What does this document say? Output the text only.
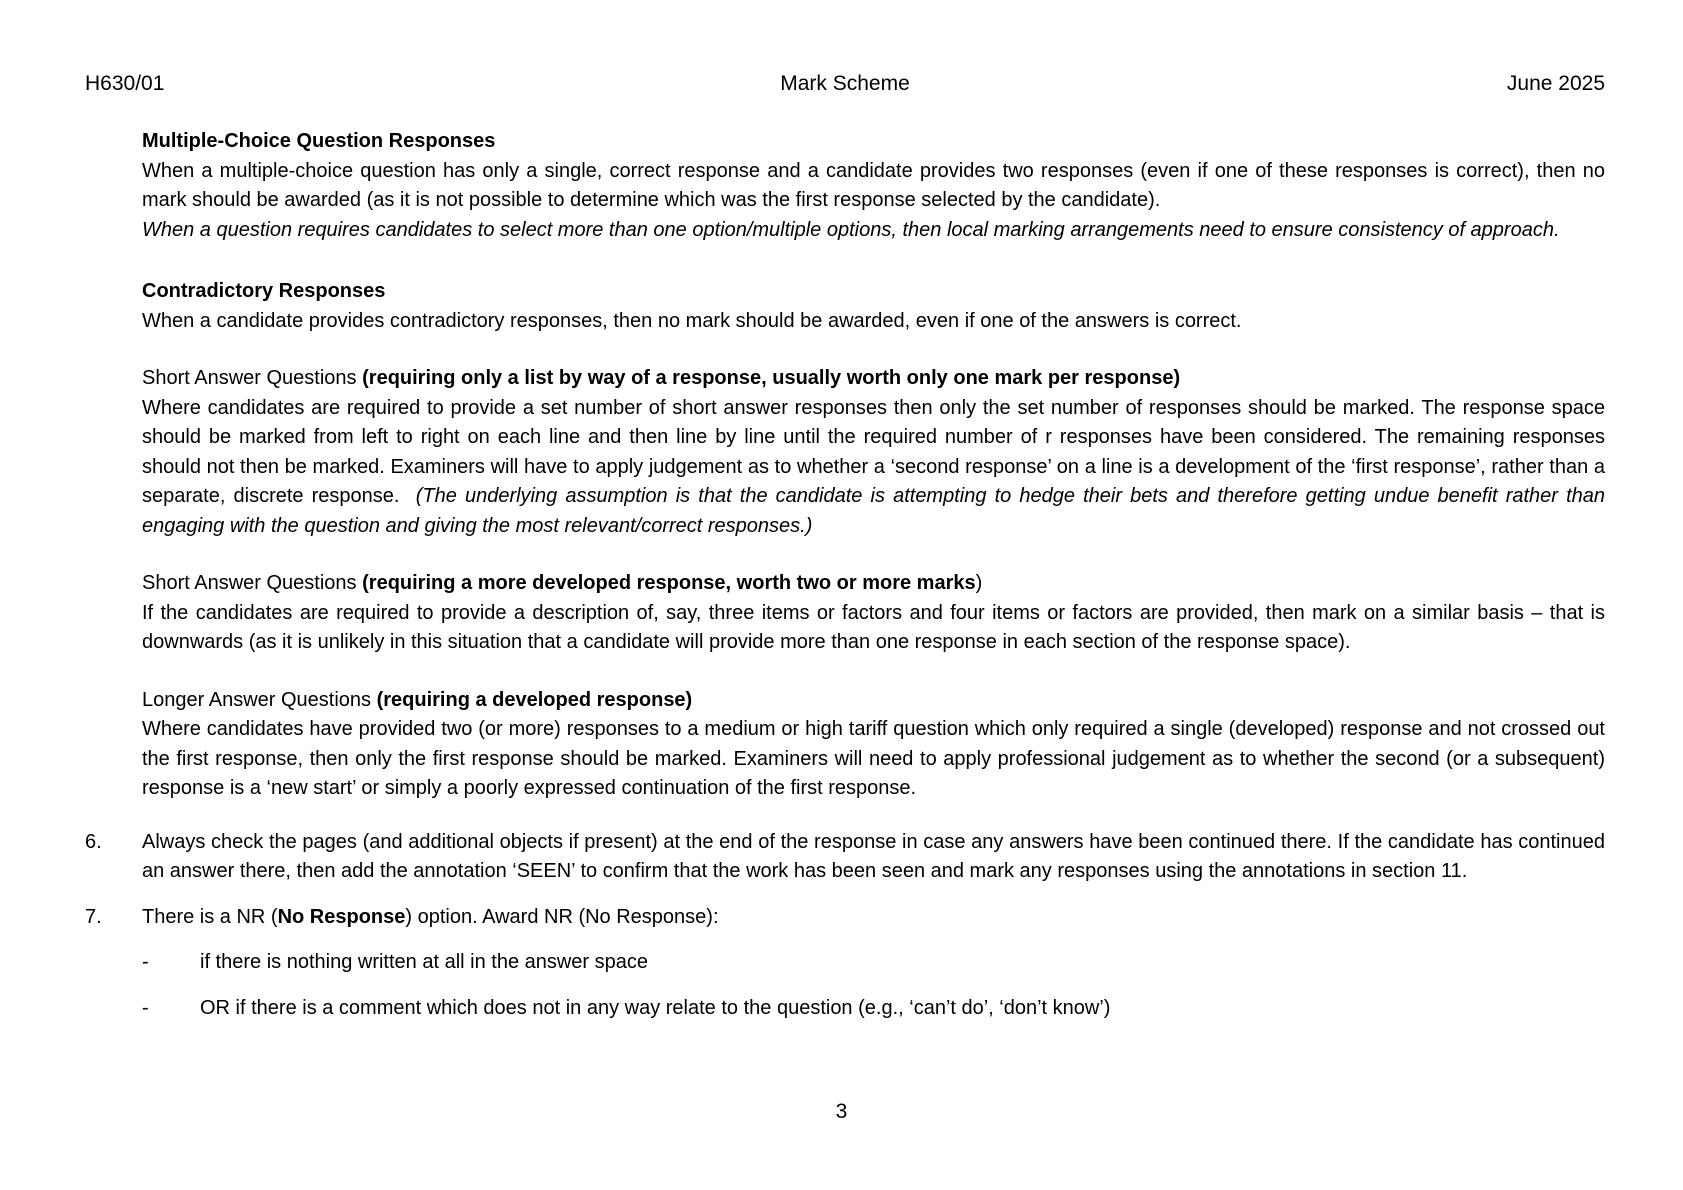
H630/01	Mark Scheme	June 2025

Multiple-Choice Question Responses

When a multiple-choice question has only a single, correct response and a candidate provides two responses (even if one of these responses is correct), then no mark should be awarded (as it is not possible to determine which was the first response selected by the candidate).

When a question requires candidates to select more than one option/multiple options, then local marking arrangements need to ensure consistency of approach.

Contradictory Responses

When a candidate provides contradictory responses, then no mark should be awarded, even if one of the answers is correct.

Short Answer Questions (requiring only a list by way of a response, usually worth only one mark per response)

Where candidates are required to provide a set number of short answer responses then only the set number of responses should be marked. The response space should be marked from left to right on each line and then line by line until the required number of r responses have been considered. The remaining responses should not then be marked. Examiners will have to apply judgement as to whether a ‘second response’ on a line is a development of the ‘first response’, rather than a separate, discrete response. (The underlying assumption is that the candidate is attempting to hedge their bets and therefore getting undue benefit rather than engaging with the question and giving the most relevant/correct responses.)

Short Answer Questions (requiring a more developed response, worth two or more marks)

If the candidates are required to provide a description of, say, three items or factors and four items or factors are provided, then mark on a similar basis – that is downwards (as it is unlikely in this situation that a candidate will provide more than one response in each section of the response space).

Longer Answer Questions (requiring a developed response)

Where candidates have provided two (or more) responses to a medium or high tariff question which only required a single (developed) response and not crossed out the first response, then only the first response should be marked. Examiners will need to apply professional judgement as to whether the second (or a subsequent) response is a ‘new start’ or simply a poorly expressed continuation of the first response.

6. Always check the pages (and additional objects if present) at the end of the response in case any answers have been continued there. If the candidate has continued an answer there, then add the annotation ‘SEEN’ to confirm that the work has been seen and mark any responses using the annotations in section 11.

7. There is a NR (No Response) option. Award NR (No Response):

-	if there is nothing written at all in the answer space
-	OR if there is a comment which does not in any way relate to the question (e.g., ‘can’t do’, ‘don’t know’)
3
